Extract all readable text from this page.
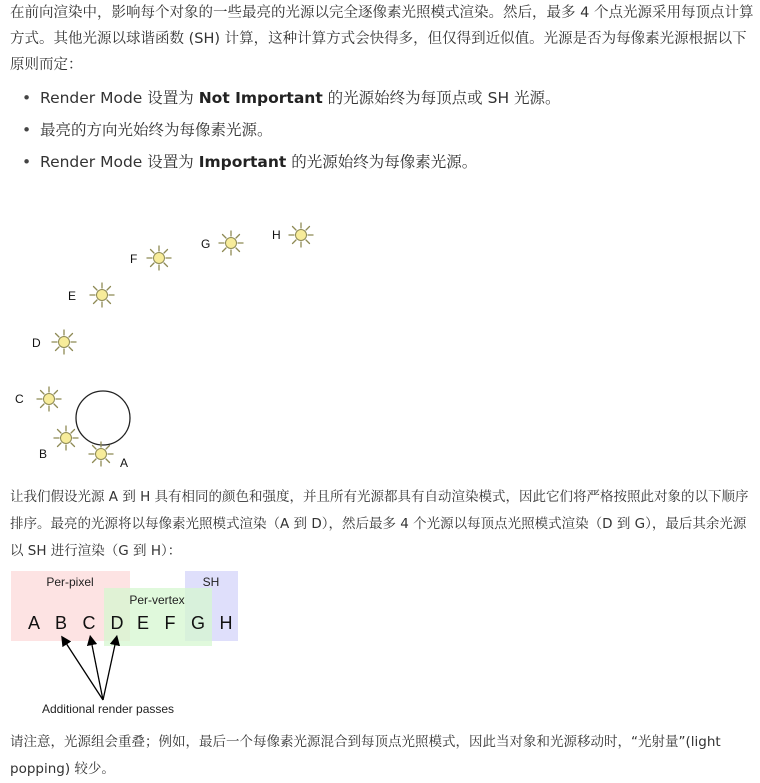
在前向渲染中，影响每个对象的一些最亮的光源以完全逐像素光照模式渲染。然后，最多 4 个点光源采用每顶点计算方式。其他光源以球谐函数 (SH) 计算，这种计算方式会快得多，但仅得到近似值。光源是否为每像素光源根据以下原则而定：

• Render Mode 设置为 Not Important 的光源始终为每顶点或 SH 光源。
• 最亮的方向光始终为每像素光源。
• Render Mode 设置为 Important 的光源始终为每像素光源。
A
B
C
D
E
F
G
H
Per-pixel
Per-vertex
SH
A B C D E F G H
Additional render passes

让我们假设光源 A 到 H 具有相同的颜色和强度，并且所有光源都具有自动渲染模式，因此它们将严格按照此对象的以下顺序排序。最亮的光源将以每像素光照模式渲染（A 到 D），然后最多 4 个光源以每顶点光照模式渲染（D 到 G），最后其余光源以 SH 进行渲染（G 到 H）：

请注意，光源组会重叠；例如，最后一个每像素光源混合到每顶点光照模式，因此当对象和光源移动时，“光射量”(light popping) 较少。
